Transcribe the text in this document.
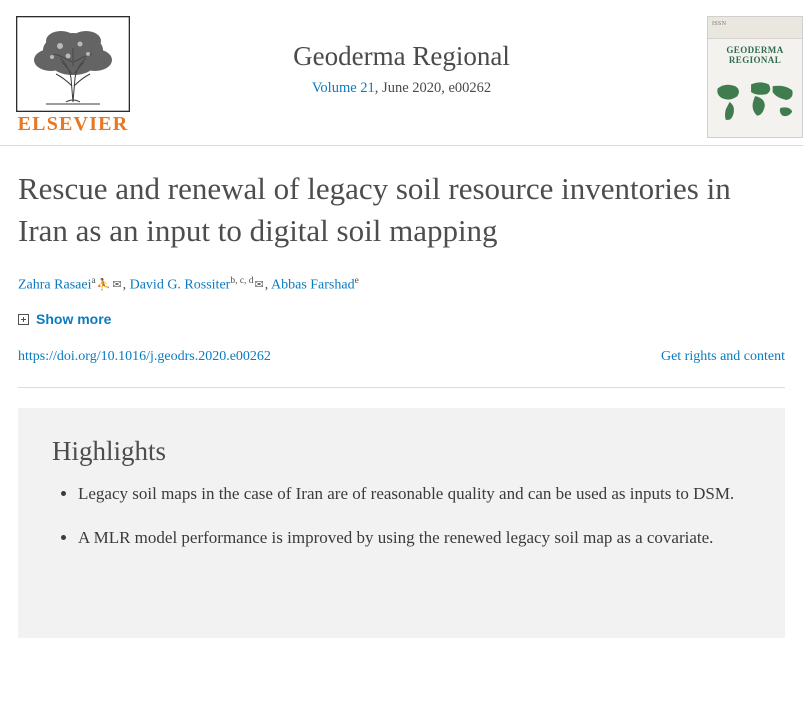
ELSEVIER
Geoderma Regional
Volume 21, June 2020, e00262
ISSN
GEODERMA
REGIONAL
Rescue and renewal of legacy soil resource inventories in Iran as an input to digital soil mapping
Zahra Rasaei$^a$⛹ ✉, David G. Rossiter$^{b, c, d}$✉, Abbas Farshad$^e$
Show more
https://doi.org/10.1016/j.geodrs.2020.e00262	Get rights and content
Highlights
• Legacy soil maps in the case of Iran are of reasonable quality and can be used as inputs to DSM.
• A MLR model performance is improved by using the renewed legacy soil map as a covariate.
